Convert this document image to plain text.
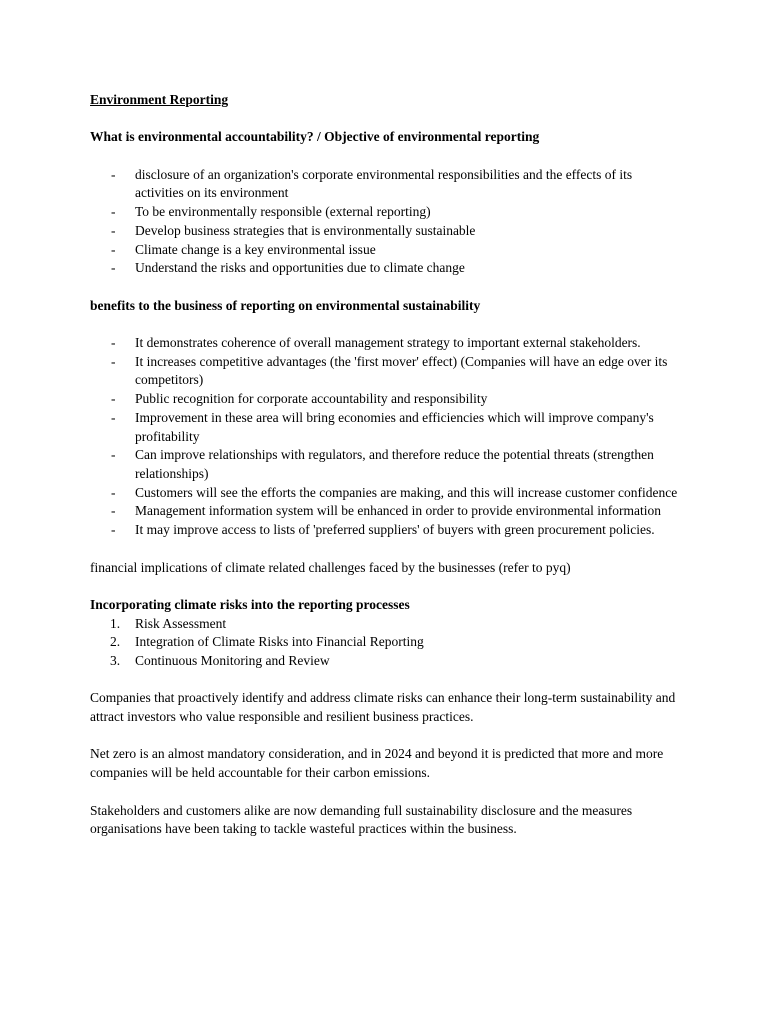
Environment Reporting

What is environmental accountability? / Objective of environmental reporting

- disclosure of an organization's corporate environmental responsibilities and the effects of its activities on its environment
- To be environmentally responsible (external reporting)
- Develop business strategies that is environmentally sustainable
- Climate change is a key environmental issue
- Understand the risks and opportunities due to climate change

benefits to the business of reporting on environmental sustainability

- It demonstrates coherence of overall management strategy to important external stakeholders.
- It increases competitive advantages (the 'first mover' effect) (Companies will have an edge over its competitors)
- Public recognition for corporate accountability and responsibility
- Improvement in these area will bring economies and efficiencies which will improve company's profitability
- Can improve relationships with regulators, and therefore reduce the potential threats (strengthen relationships)
- Customers will see the efforts the companies are making, and this will increase customer confidence
- Management information system will be enhanced in order to provide environmental information
- It may improve access to lists of 'preferred suppliers' of buyers with green procurement policies.

financial implications of climate related challenges faced by the businesses (refer to pyq)

Incorporating climate risks into the reporting processes

1. Risk Assessment
2. Integration of Climate Risks into Financial Reporting
3. Continuous Monitoring and Review

Companies that proactively identify and address climate risks can enhance their long-term sustainability and attract investors who value responsible and resilient business practices.

Net zero is an almost mandatory consideration, and in 2024 and beyond it is predicted that more and more companies will be held accountable for their carbon emissions.

Stakeholders and customers alike are now demanding full sustainability disclosure and the measures organisations have been taking to tackle wasteful practices within the business.
